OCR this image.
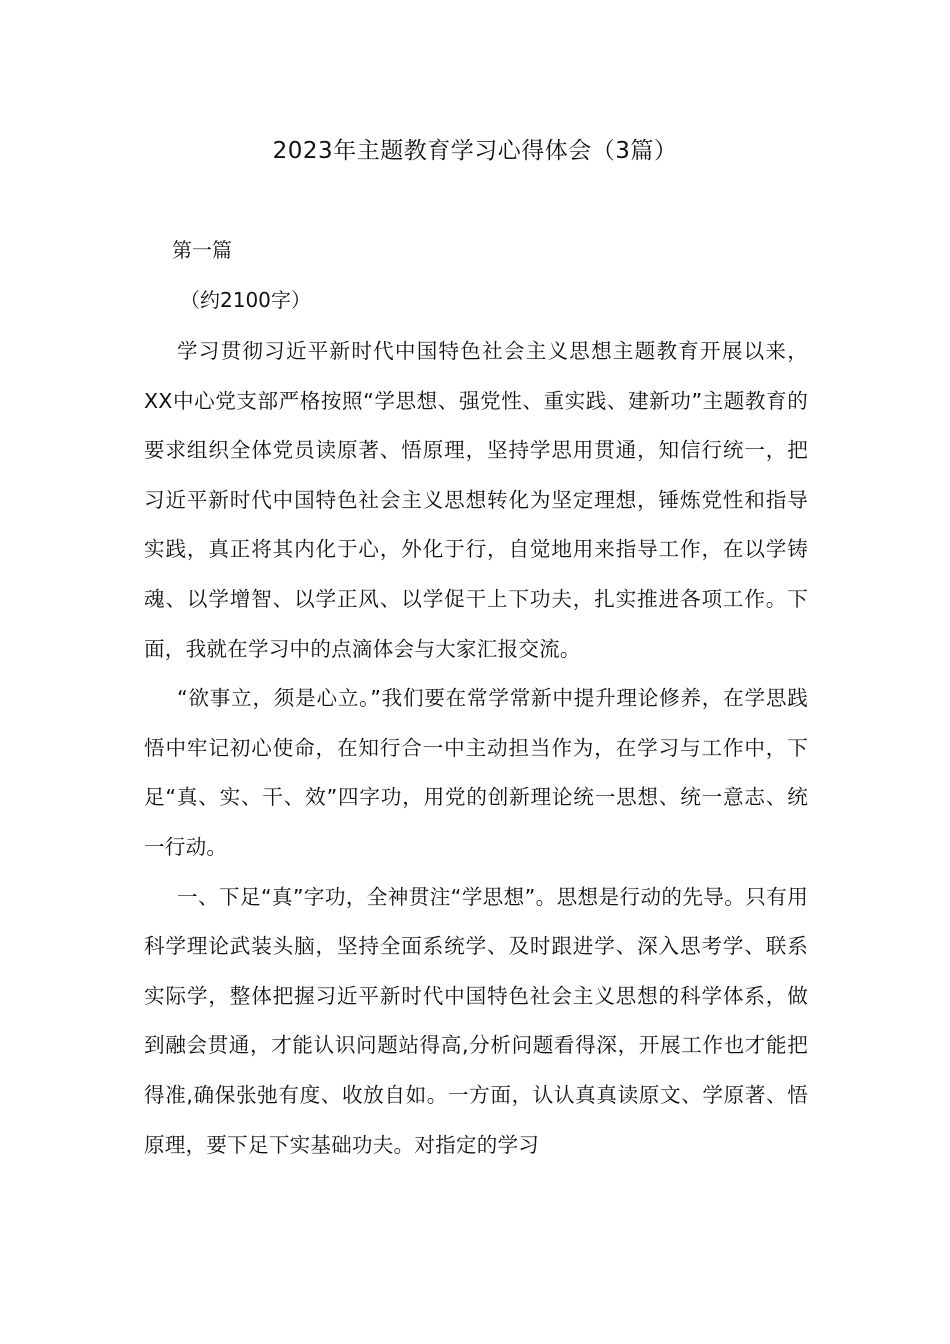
2023年主题教育学习心得体会（3篇）

第一篇

（约2100字）

学习贯彻习近平新时代中国特色社会主义思想主题教育开展以来，XX中心党支部严格按照“学思想、强党性、重实践、建新功”主题教育的要求组织全体党员读原著、悟原理，坚持学思用贯通，知信行统一，把习近平新时代中国特色社会主义思想转化为坚定理想，锤炼党性和指导实践，真正将其内化于心，外化于行，自觉地用来指导工作，在以学铸魂、以学增智、以学正风、以学促干上下功夫，扎实推进各项工作。下面，我就在学习中的点滴体会与大家汇报交流。

“欲事立，须是心立。”我们要在常学常新中提升理论修养，在学思践悟中牢记初心使命，在知行合一中主动担当作为，在学习与工作中，下足“真、实、干、效”四字功，用党的创新理论统一思想、统一意志、统一行动。

一、下足“真”字功，全神贯注“学思想”。思想是行动的先导。只有用科学理论武装头脑，坚持全面系统学、及时跟进学、深入思考学、联系实际学，整体把握习近平新时代中国特色社会主义思想的科学体系，做到融会贯通，才能认识问题站得高,分析问题看得深，开展工作也才能把得准,确保张弛有度、收放自如。一方面，认认真真读原文、学原著、悟原理，要下足下实基础功夫。对指定的学习
